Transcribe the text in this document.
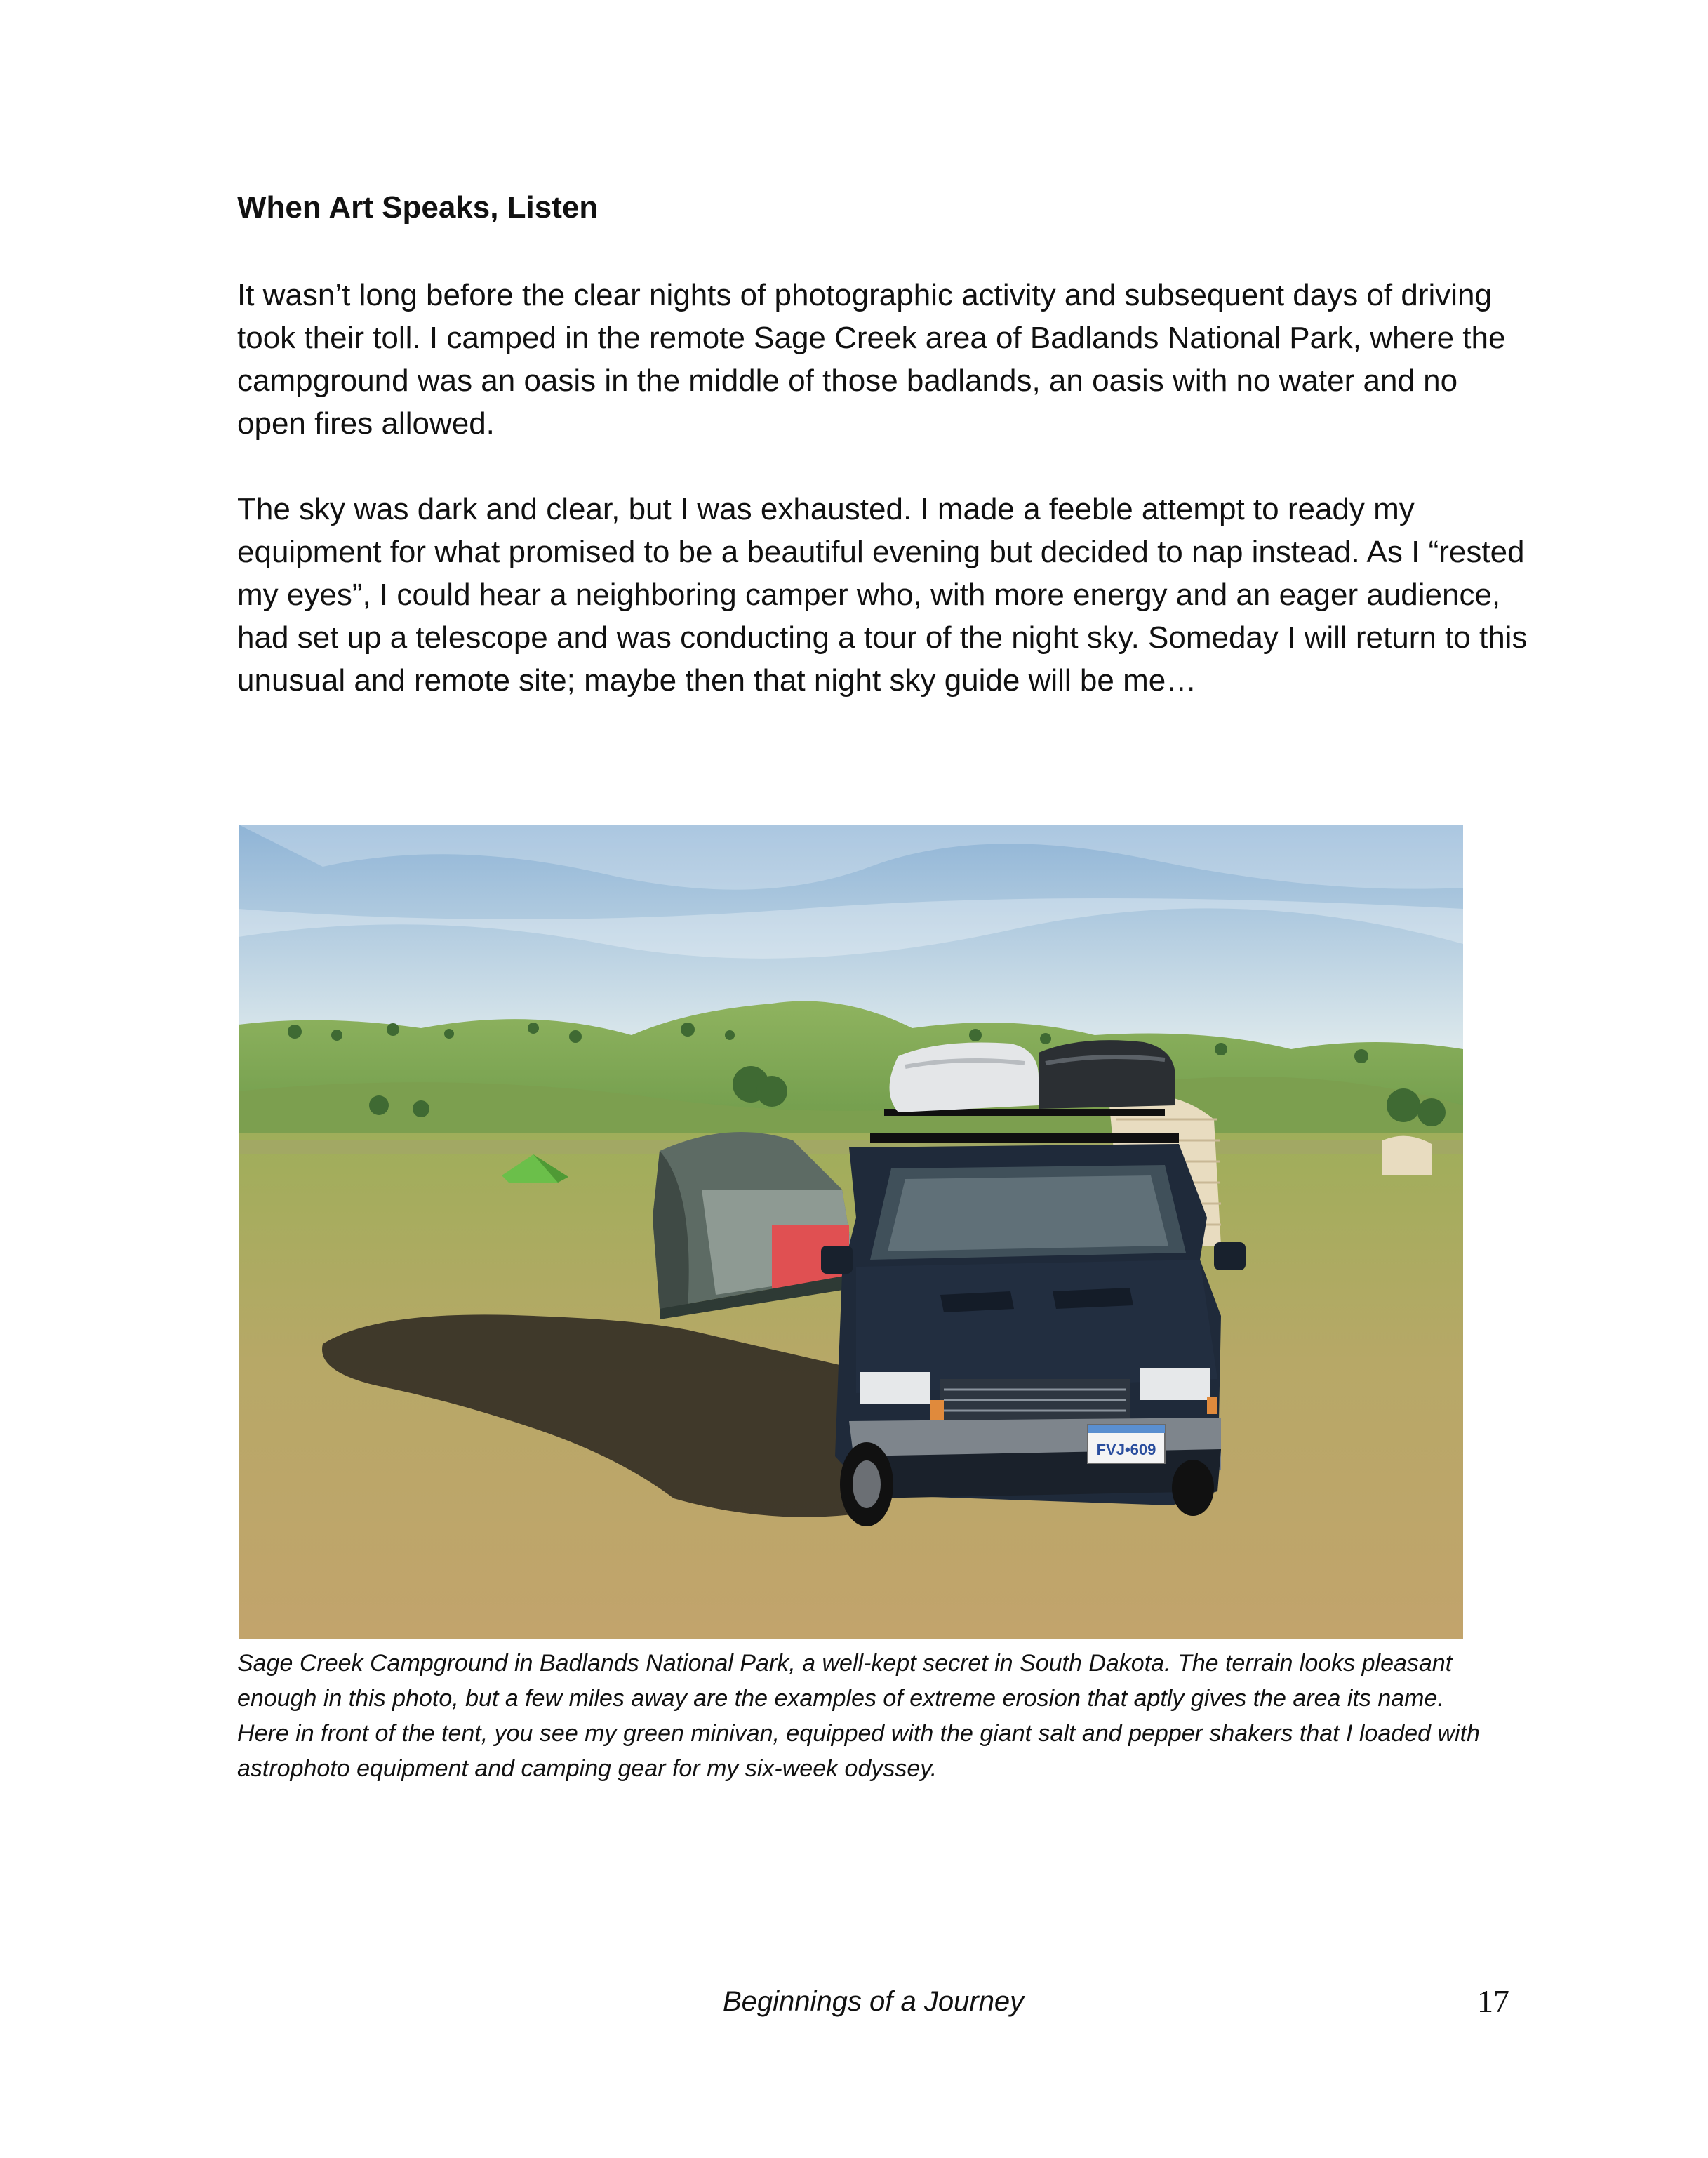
When Art Speaks, Listen

It wasn’t long before the clear nights of photographic activity and subsequent days of driving took their toll. I camped in the remote Sage Creek area of Badlands National Park, where the campground was an oasis in the middle of those badlands, an oasis with no water and no open fires allowed.

The sky was dark and clear, but I was exhausted. I made a feeble attempt to ready my equipment for what promised to be a beautiful evening but decided to nap instead. As I “rested my eyes”, I could hear a neighboring camper who, with more energy and an eager audience, had set up a telescope and was conducting a tour of the night sky. Someday I will return to this unusual and remote site; maybe then that night sky guide will be me…

FVJ•609

Sage Creek Campground in Badlands National Park, a well-kept secret in South Dakota. The terrain looks pleasant enough in this photo, but a few miles away are the examples of extreme erosion that aptly gives the area its name. Here in front of the tent, you see my green minivan, equipped with the giant salt and pepper shakers that I loaded with astrophoto equipment and camping gear for my six-week odyssey.

Beginnings of a Journey	17
